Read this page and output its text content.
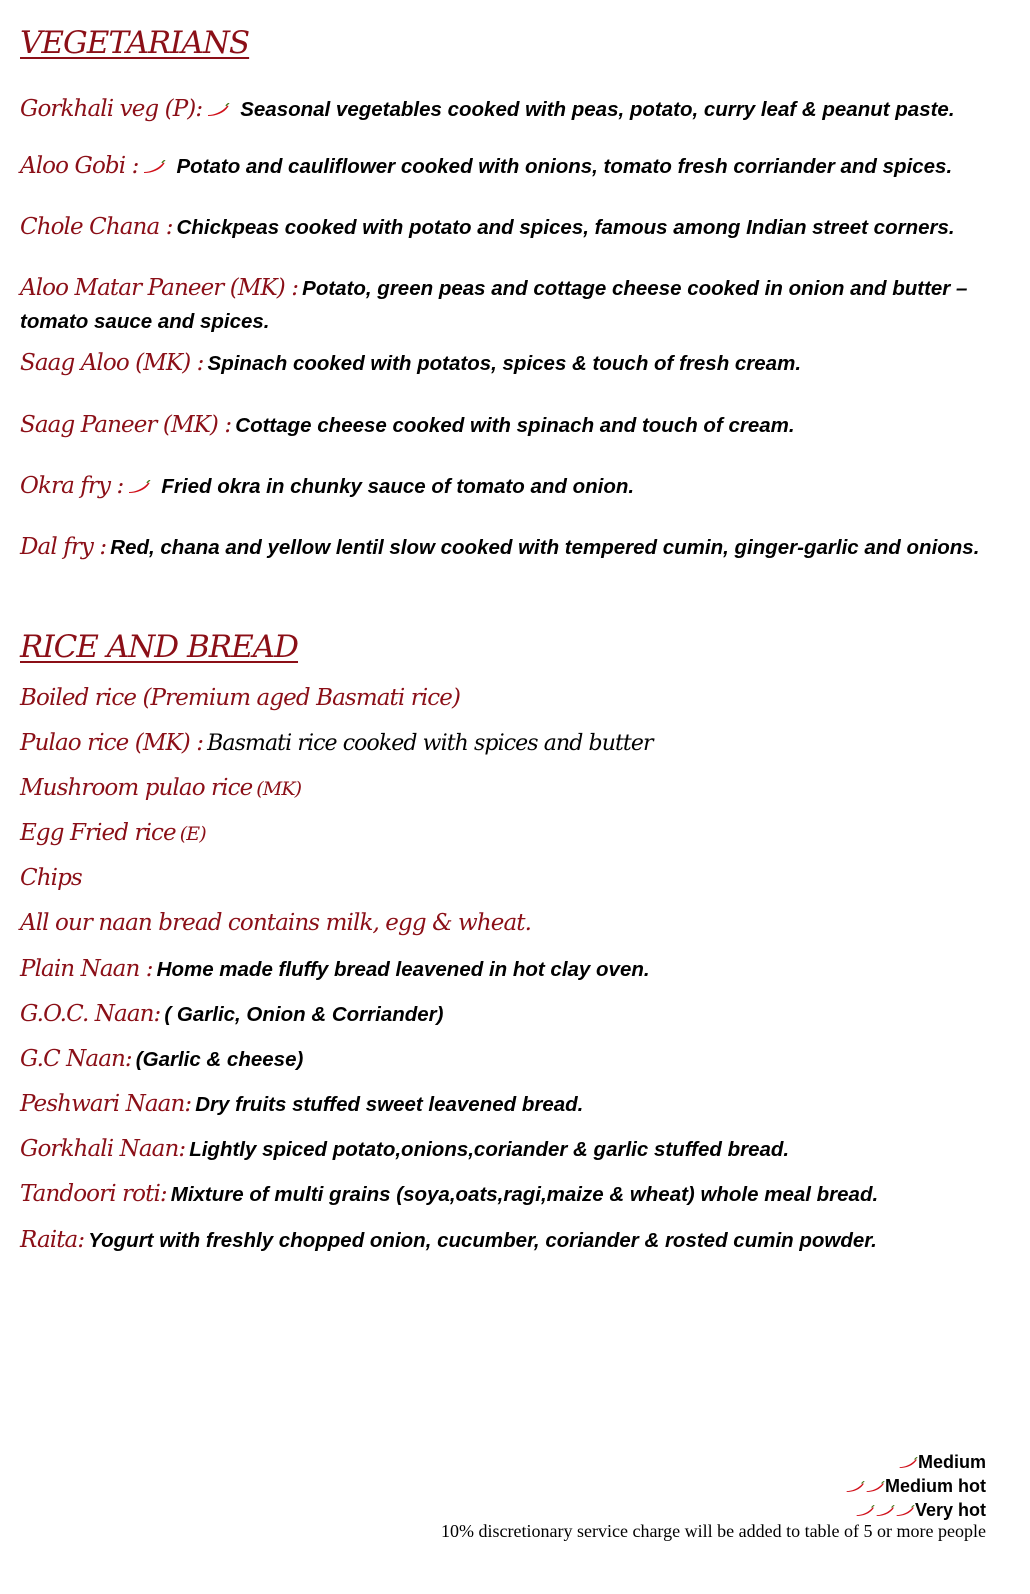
VEGETARIANS

Gorkhali veg (P): Seasonal vegetables cooked with peas, potato, curry leaf & peanut paste.

Aloo Gobi : Potato and cauliflower cooked with onions, tomato fresh corriander and spices.

Chole Chana : Chickpeas cooked with potato and spices, famous among Indian street corners.

Aloo Matar Paneer (MK) : Potato, green peas and cottage cheese cooked in onion and butter – tomato sauce and spices.

Saag Aloo (MK) : Spinach cooked with potatos, spices & touch of fresh cream.

Saag Paneer (MK) : Cottage cheese cooked with spinach and touch of cream.

Okra fry : Fried okra in chunky sauce of tomato and onion.

Dal fry : Red, chana and yellow lentil slow cooked with tempered cumin, ginger-garlic and onions.

RICE AND BREAD

Boiled rice (Premium aged Basmati rice)

Pulao rice (MK) : Basmati rice cooked with spices and butter

Mushroom pulao rice (MK)

Egg Fried rice (E)

Chips

All our naan bread contains milk, egg & wheat.

Plain Naan : Home made fluffy bread leavened in hot clay oven.

G.O.C. Naan: ( Garlic, Onion & Corriander)

G.C Naan: (Garlic & cheese)

Peshwari Naan: Dry fruits stuffed sweet leavened bread.

Gorkhali Naan: Lightly spiced potato,onions,coriander & garlic stuffed bread.

Tandoori roti: Mixture of multi grains (soya,oats,ragi,maize & wheat) whole meal bread.

Raita: Yogurt with freshly chopped onion, cucumber, coriander & rosted cumin powder.

Medium
Medium hot
Very hot
10% discretionary service charge will be added to table of 5 or more people
